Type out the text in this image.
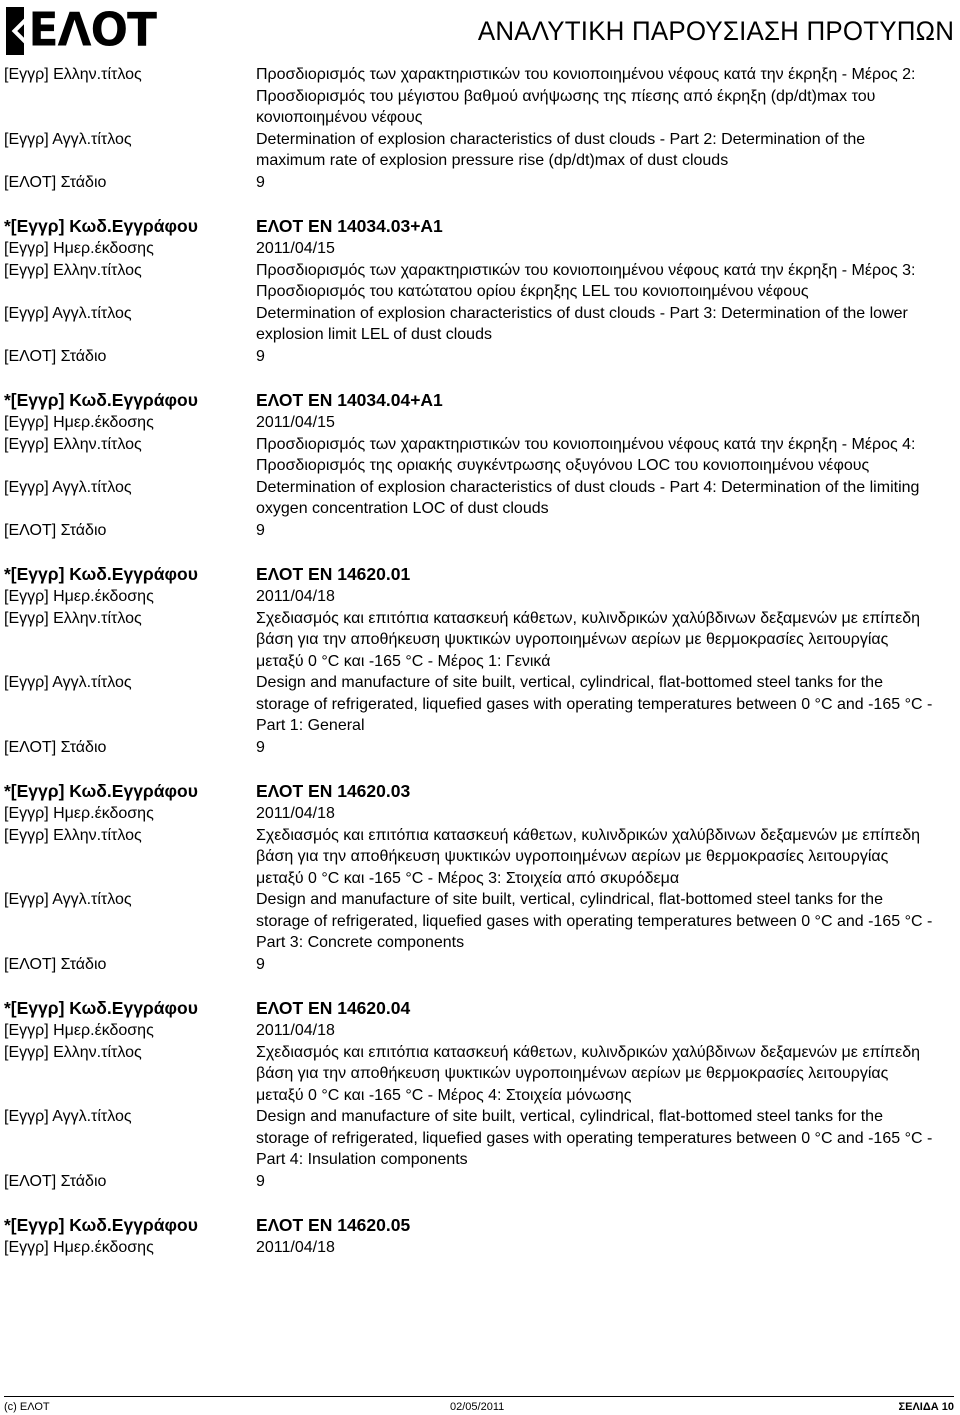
ΕΛΟΤ	ΑΝΑΛΥΤΙΚΗ ΠΑΡΟΥΣΙΑΣΗ ΠΡΟΤΥΠΩΝ
[Εγγρ] Ελλην.τίτλος	Προσδιορισμός των χαρακτηριστικών του κονιοποιημένου νέφους κατά την έκρηξη - Μέρος 2: Προσδιορισμός του μέγιστου βαθμού ανήψωσης της πίεσης από έκρηξη (dp/dt)max του κονιοποιημένου νέφους
[Εγγρ] Αγγλ.τίτλος	Determination of explosion characteristics of dust clouds - Part 2: Determination of the maximum rate of explosion pressure rise (dp/dt)max of dust clouds
[ΕΛΟΤ] Στάδιο	9
*[Εγγρ] Κωδ.Εγγράφου	ΕΛΟΤ EN 14034.03+A1
[Εγγρ] Ημερ.έκδοσης	2011/04/15
[Εγγρ] Ελλην.τίτλος	Προσδιορισμός των χαρακτηριστικών του κονιοποιημένου νέφους κατά την έκρηξη - Μέρος 3: Προσδιορισμός του κατώτατου ορίου έκρηξης LEL του κονιοποιημένου νέφους
[Εγγρ] Αγγλ.τίτλος	Determination of explosion characteristics of dust clouds - Part 3: Determination of the lower explosion limit LEL of dust clouds
[ΕΛΟΤ] Στάδιο	9
*[Εγγρ] Κωδ.Εγγράφου	ΕΛΟΤ EN 14034.04+A1
[Εγγρ] Ημερ.έκδοσης	2011/04/15
[Εγγρ] Ελλην.τίτλος	Προσδιορισμός των χαρακτηριστικών του κονιοποιημένου νέφους κατά την έκρηξη - Μέρος 4: Προσδιορισμός της οριακής συγκέντρωσης οξυγόνου LOC του κονιοποιημένου νέφους
[Εγγρ] Αγγλ.τίτλος	Determination of explosion characteristics of dust clouds - Part 4: Determination of the limiting oxygen concentration LOC of dust clouds
[ΕΛΟΤ] Στάδιο	9
*[Εγγρ] Κωδ.Εγγράφου	ΕΛΟΤ EN 14620.01
[Εγγρ] Ημερ.έκδοσης	2011/04/18
[Εγγρ] Ελλην.τίτλος	Σχεδιασμός και επιτόπια κατασκευή κάθετων, κυλινδρικών χαλύβδινων δεξαμενών με επίπεδη βάση για την αποθήκευση ψυκτικών υγροποιημένων αερίων με θερμοκρασίες λειτουργίας μεταξύ 0 °C και -165 °C - Μέρος 1: Γενικά
[Εγγρ] Αγγλ.τίτλος	Design and manufacture of site built, vertical, cylindrical, flat-bottomed steel tanks for the storage of refrigerated, liquefied gases with operating temperatures between 0 °C and -165 °C - Part 1: General
[ΕΛΟΤ] Στάδιο	9
*[Εγγρ] Κωδ.Εγγράφου	ΕΛΟΤ EN 14620.03
[Εγγρ] Ημερ.έκδοσης	2011/04/18
[Εγγρ] Ελλην.τίτλος	Σχεδιασμός και επιτόπια κατασκευή κάθετων, κυλινδρικών χαλύβδινων δεξαμενών με επίπεδη βάση για την αποθήκευση ψυκτικών υγροποιημένων αερίων με θερμοκρασίες λειτουργίας μεταξύ 0 °C και -165 °C - Μέρος 3: Στοιχεία από σκυρόδεμα
[Εγγρ] Αγγλ.τίτλος	Design and manufacture of site built, vertical, cylindrical, flat-bottomed steel tanks for the storage of refrigerated, liquefied gases with operating temperatures between 0 °C and -165 °C - Part 3: Concrete components
[ΕΛΟΤ] Στάδιο	9
*[Εγγρ] Κωδ.Εγγράφου	ΕΛΟΤ EN 14620.04
[Εγγρ] Ημερ.έκδοσης	2011/04/18
[Εγγρ] Ελλην.τίτλος	Σχεδιασμός και επιτόπια κατασκευή κάθετων, κυλινδρικών χαλύβδινων δεξαμενών με επίπεδη βάση για την αποθήκευση ψυκτικών υγροποιημένων αερίων με θερμοκρασίες λειτουργίας μεταξύ 0 °C και -165 °C - Μέρος 4: Στοιχεία μόνωσης
[Εγγρ] Αγγλ.τίτλος	Design and manufacture of site built, vertical, cylindrical, flat-bottomed steel tanks for the storage of refrigerated, liquefied gases with operating temperatures between 0 °C and -165 °C - Part 4: Insulation components
[ΕΛΟΤ] Στάδιο	9
*[Εγγρ] Κωδ.Εγγράφου	ΕΛΟΤ EN 14620.05
[Εγγρ] Ημερ.έκδοσης	2011/04/18
(c) ΕΛΟΤ	02/05/2011	ΣΕΛΙΔΑ 10
